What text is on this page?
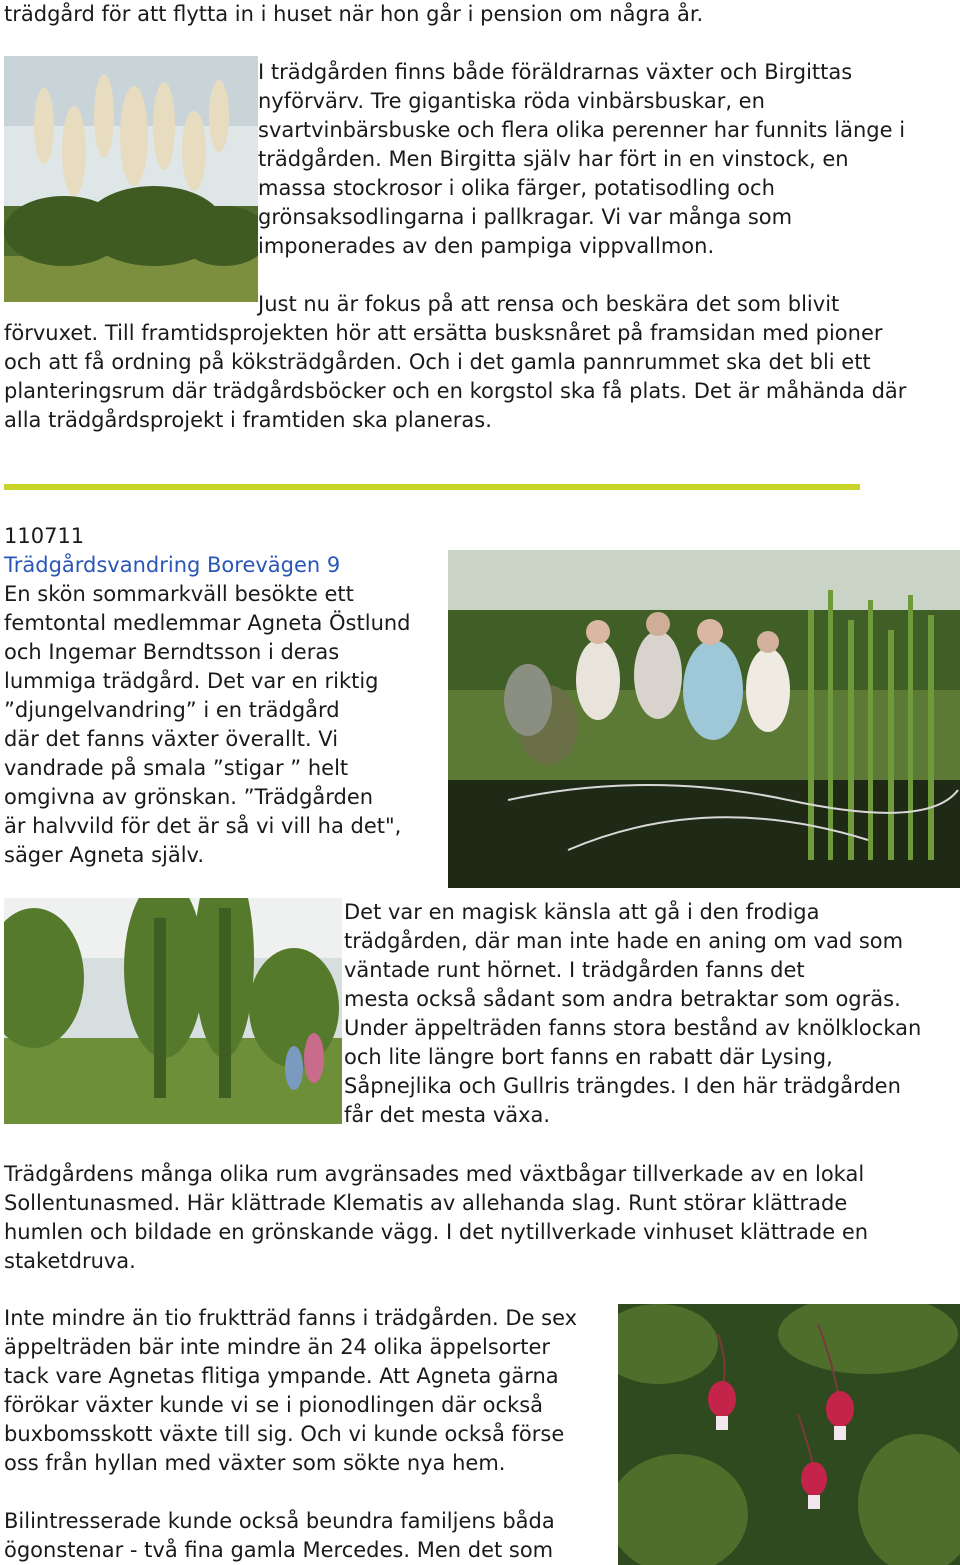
trädgård för att flytta in i huset när hon går i pension om några år.
I trädgården finns både föräldrarnas växter och Birgittas
nyförvärv. Tre gigantiska röda vinbärsbuskar, en
svartvinbärsbuske och flera olika perenner har funnits länge i
trädgården. Men Birgitta själv har fört in en vinstock, en
massa stockrosor i olika färger, potatisodling och
grönsaksodlingarna i pallkragar. Vi var många som
imponerades av den pampiga vippvallmon.
Just nu är fokus på att rensa och beskära det som blivit
förvuxet. Till framtidsprojekten hör att ersätta busksnåret på framsidan med pioner
och att få ordning på köksträdgården. Och i det gamla pannrummet ska det bli ett
planteringsrum där trädgårdsböcker och en korgstol ska få plats. Det är måhända där
alla trädgårdsprojekt i framtiden ska planeras.
110711
Trädgårdsvandring Borevägen 9
En skön sommarkväll besökte ett
femtontal medlemmar Agneta Östlund
och Ingemar Berndtsson i deras
lummiga trädgård. Det var en riktig
”djungelvandring” i en trädgård
där det fanns växter överallt. Vi
vandrade på smala ”stigar ” helt
omgivna av grönskan. ”Trädgården
är halvvild för det är så vi vill ha det",
säger Agneta själv.
Det var en magisk känsla att gå i den frodiga
trädgården, där man inte hade en aning om vad som
väntade runt hörnet. I trädgården fanns det
mesta också sådant som andra betraktar som ogräs.
Under äppelträden fanns stora bestånd av knölklockan
och lite längre bort fanns en rabatt där Lysing,
Såpnejlika och Gullris trängdes. I den här trädgården
får det mesta växa.
Trädgårdens många olika rum avgränsades med växtbågar tillverkade av en lokal
Sollentunasmed. Här klättrade Klematis av allehanda slag. Runt störar klättrade
humlen och bildade en grönskande vägg. I det nytillverkade vinhuset klättrade en
staketdruva.
Inte mindre än tio fruktträd fanns i trädgården. De sex
äppelträden bär inte mindre än 24 olika äppelsorter
tack vare Agnetas flitiga ympande. Att Agneta gärna
förökar växter kunde vi se i pionodlingen där också
buxbomsskott växte till sig. Och vi kunde också förse
oss från hyllan med växter som sökte nya hem.
Bilintresserade kunde också beundra familjens båda
ögonstenar - två fina gamla Mercedes. Men det som
